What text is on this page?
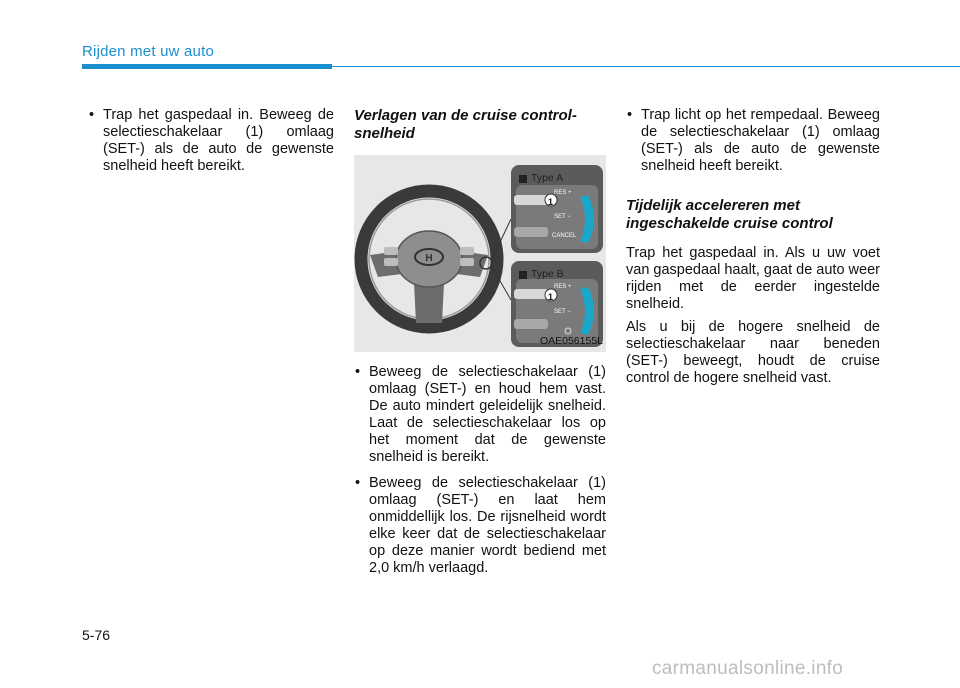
Rijden met uw auto
• Trap het gaspedaal in. Beweeg de selectieschakelaar (1) omlaag (SET-) als de auto de gewenste snelheid heeft bereikt.
Verlagen van de cruise control-snelheid
H
Type A
Type B
RES +
SET −
CANCEL
RES +
SET −
1
1
OAE056155L
• Beweeg de selectieschakelaar (1) omlaag (SET-) en houd hem vast. De auto mindert geleidelijk snelheid. Laat de selectieschakelaar los op het moment dat de gewenste snelheid is bereikt.
• Beweeg de selectieschakelaar (1) omlaag (SET-) en laat hem onmiddellijk los. De rijsnelheid wordt elke keer dat de selectieschakelaar op deze manier wordt bediend met 2,0 km/h verlaagd.
• Trap licht op het rempedaal. Beweeg de selectieschakelaar (1) omlaag (SET-) als de auto de gewenste snelheid heeft bereikt.
Tijdelijk accelereren met ingeschakelde cruise control
Trap het gaspedaal in. Als u uw voet van gaspedaal haalt, gaat de auto weer rijden met de eerder ingestelde snelheid.
Als u bij de hogere snelheid de selectieschakelaar naar beneden (SET-) beweegt, houdt de cruise control de hogere snelheid vast.
5-76
carmanualsonline.info
